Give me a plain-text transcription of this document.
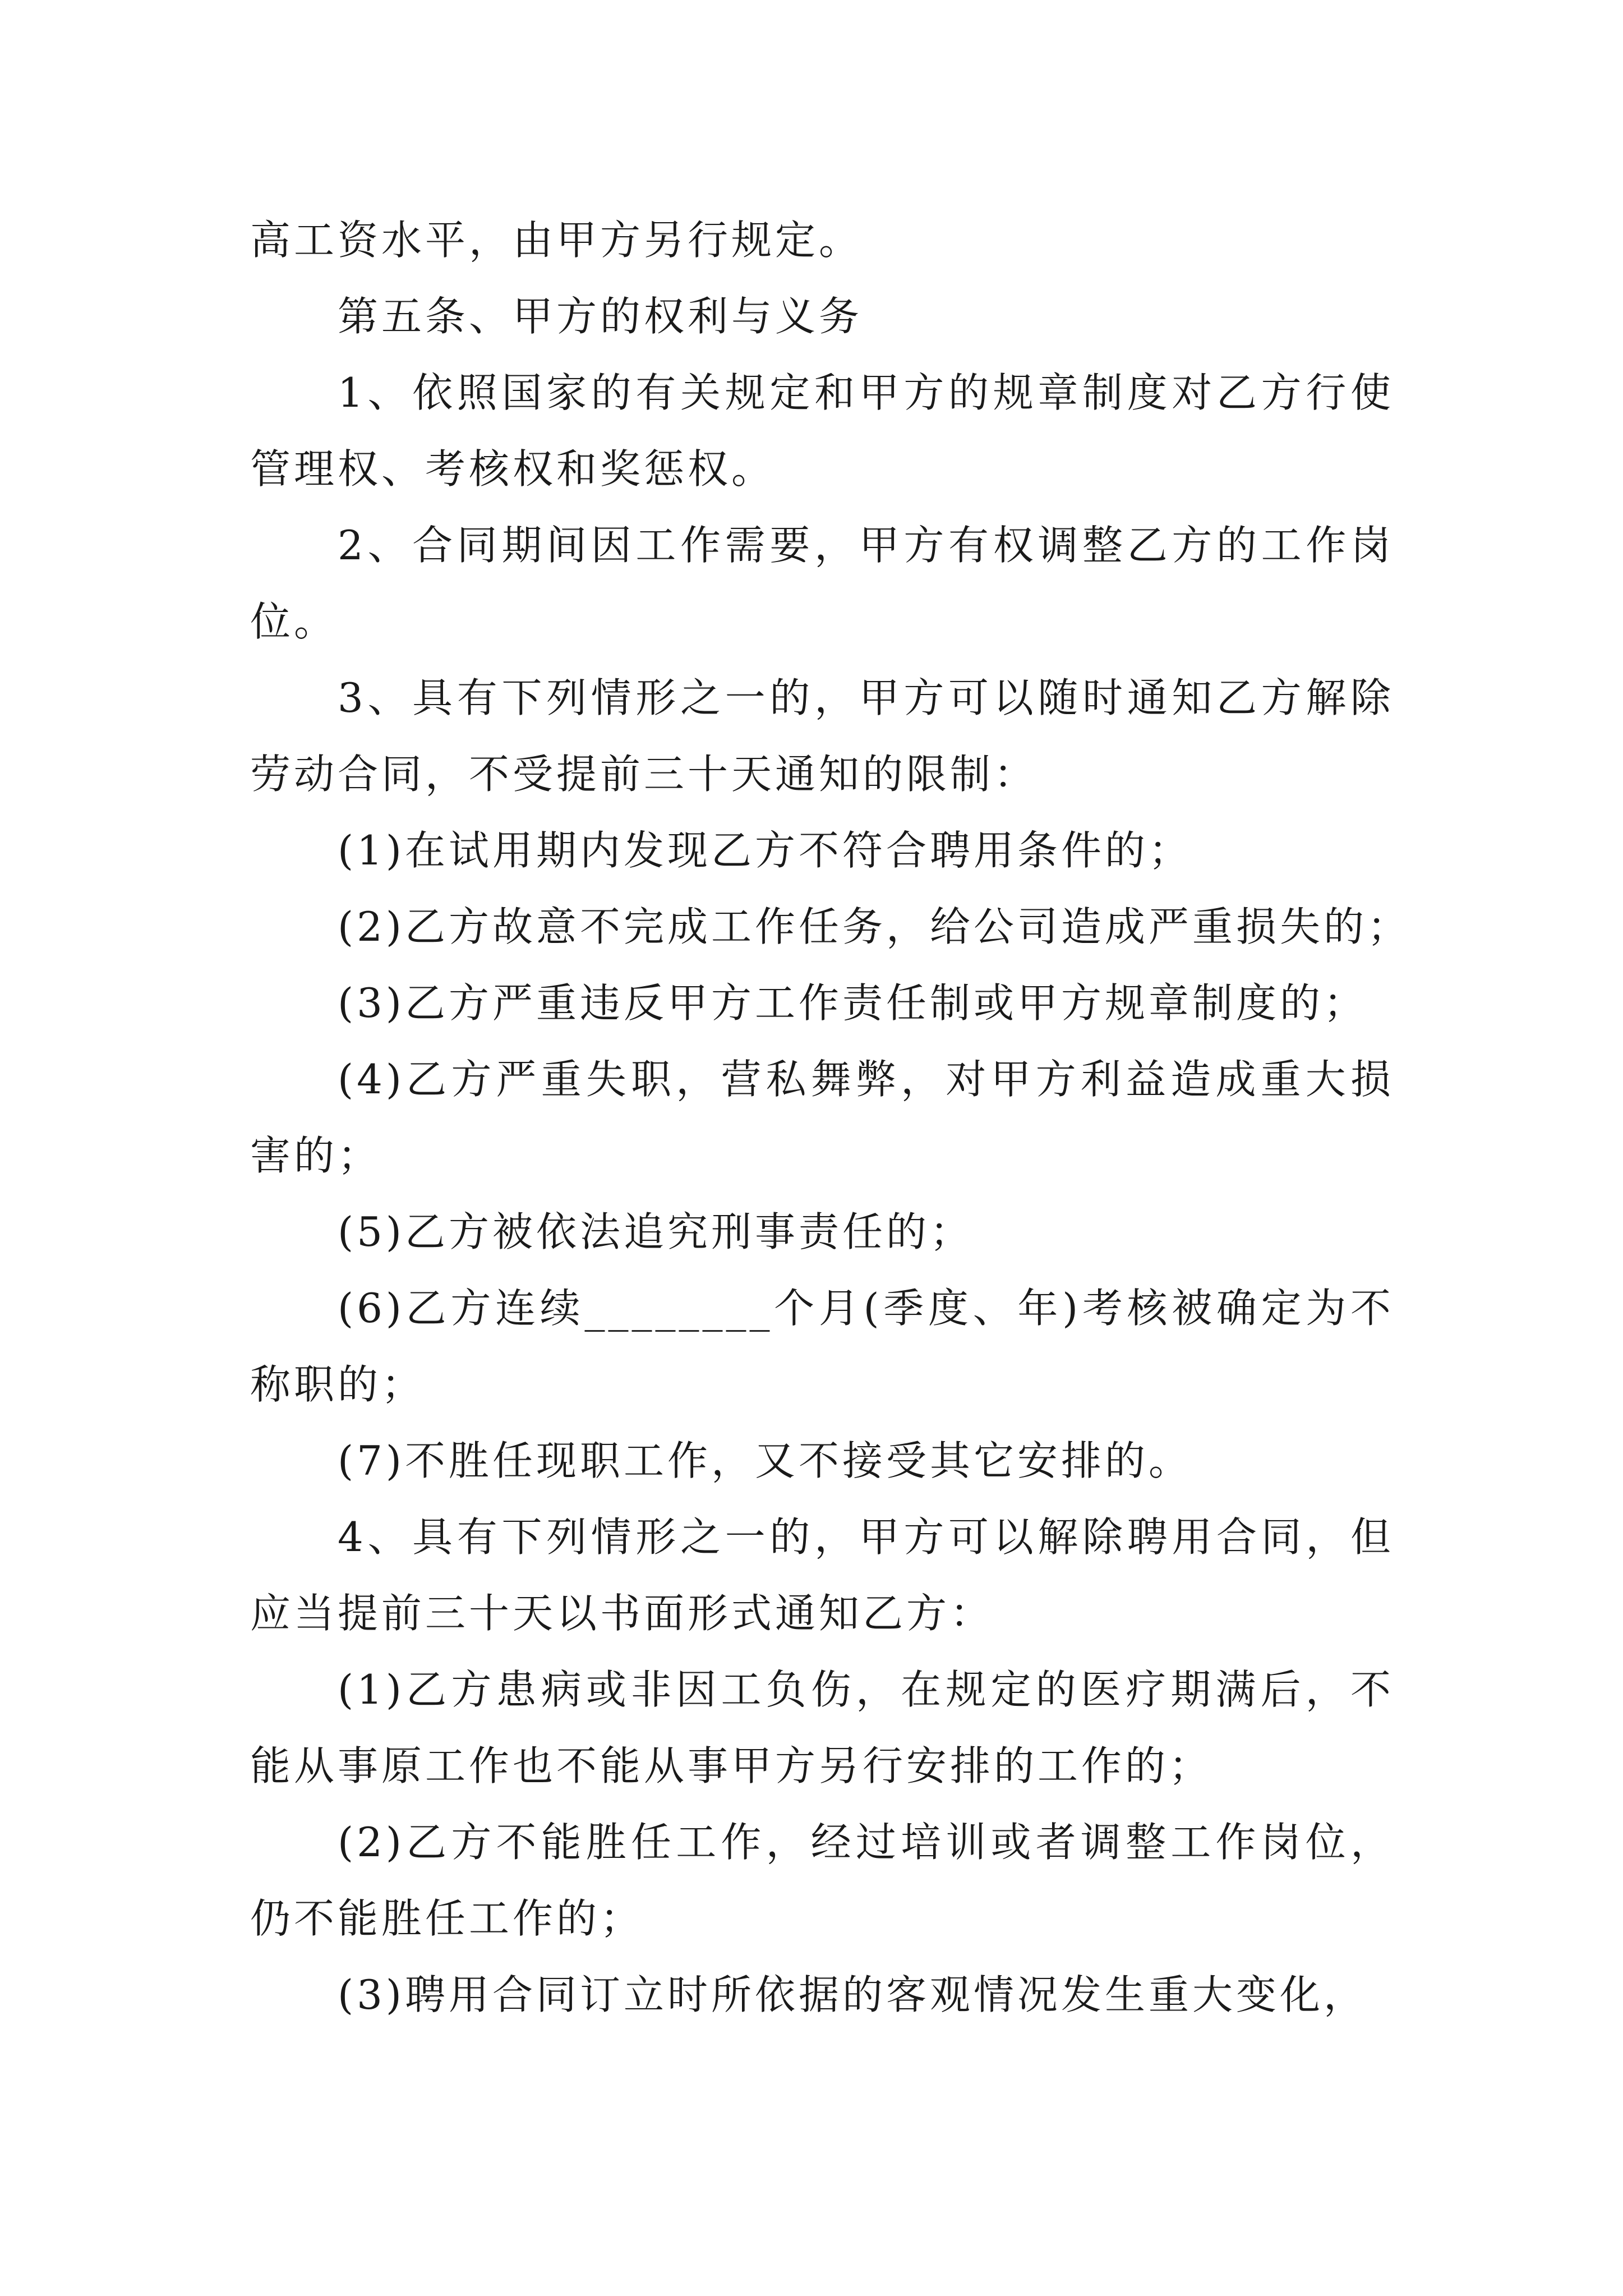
高工资水平，由甲方另行规定。

第五条、甲方的权利与义务

1、依照国家的有关规定和甲方的规章制度对乙方行使管理权、考核权和奖惩权。

2、合同期间因工作需要，甲方有权调整乙方的工作岗位。

3、具有下列情形之一的，甲方可以随时通知乙方解除劳动合同，不受提前三十天通知的限制：

(1)在试用期内发现乙方不符合聘用条件的；

(2)乙方故意不完成工作任务，给公司造成严重损失的；

(3)乙方严重违反甲方工作责任制或甲方规章制度的；

(4)乙方严重失职，营私舞弊，对甲方利益造成重大损害的；

(5)乙方被依法追究刑事责任的；

(6)乙方连续________个月(季度、年)考核被确定为不称职的；

(7)不胜任现职工作，又不接受其它安排的。

4、具有下列情形之一的，甲方可以解除聘用合同，但应当提前三十天以书面形式通知乙方：

(1)乙方患病或非因工负伤，在规定的医疗期满后，不能从事原工作也不能从事甲方另行安排的工作的；

(2)乙方不能胜任工作，经过培训或者调整工作岗位，仍不能胜任工作的；

(3)聘用合同订立时所依据的客观情况发生重大变化，
